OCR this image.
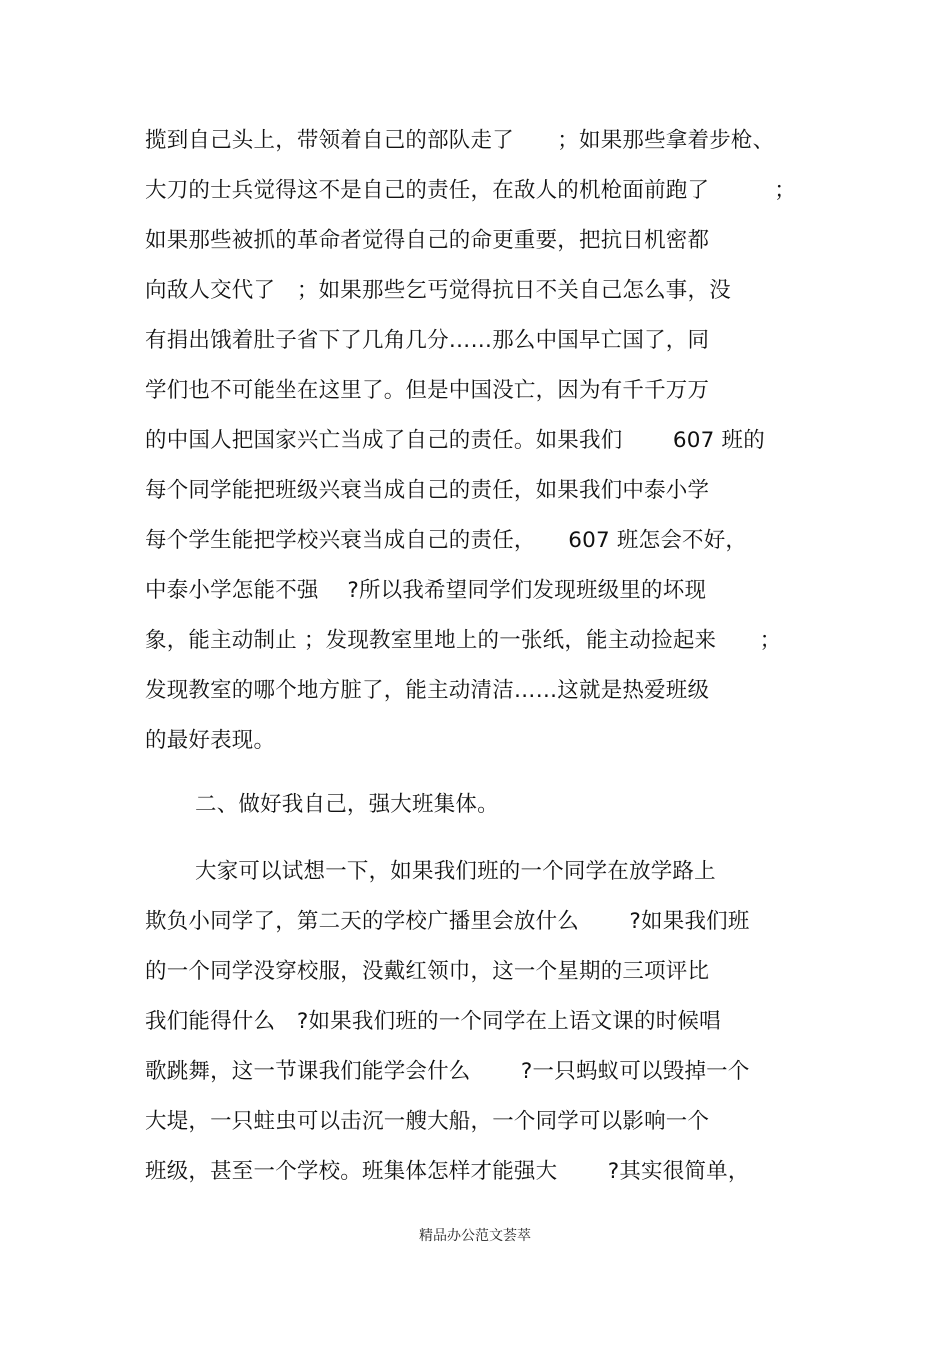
揽到自己头上，带领着自己的部队走了　　；如果那些拿着步枪、
大刀的士兵觉得这不是自己的责任，在敌人的机枪面前跑了　　　；
如果那些被抓的革命者觉得自己的命更重要，把抗日机密都
向敌人交代了　；如果那些乞丐觉得抗日不关自己怎么事，没
有捐出饿着肚子省下了几角几分……那么中国早亡国了，同
学们也不可能坐在这里了。但是中国没亡，因为有千千万万
的中国人把国家兴亡当成了自己的责任。如果我们　　 607 班的
每个同学能把班级兴衰当成自己的责任，如果我们中泰小学
每个学生能把学校兴衰当成自己的责任，　　607 班怎会不好，
中泰小学怎能不强　 ?所以我希望同学们发现班级里的坏现
象，能主动制止 ；发现教室里地上的一张纸，能主动捡起来　　；
发现教室的哪个地方脏了，能主动清洁……这就是热爱班级
的最好表现。
二、做好我自己，强大班集体。
大家可以试想一下，如果我们班的一个同学在放学路上
欺负小同学了，第二天的学校广播里会放什么　　 ?如果我们班
的一个同学没穿校服，没戴红领巾，这一个星期的三项评比
我们能得什么　?如果我们班的一个同学在上语文课的时候唱
歌跳舞，这一节课我们能学会什么　　 ?一只蚂蚁可以毁掉一个
大堤，一只蛀虫可以击沉一艘大船，一个同学可以影响一个
班级，甚至一个学校。班集体怎样才能强大　　 ?其实很简单，
精品办公范文荟萃
